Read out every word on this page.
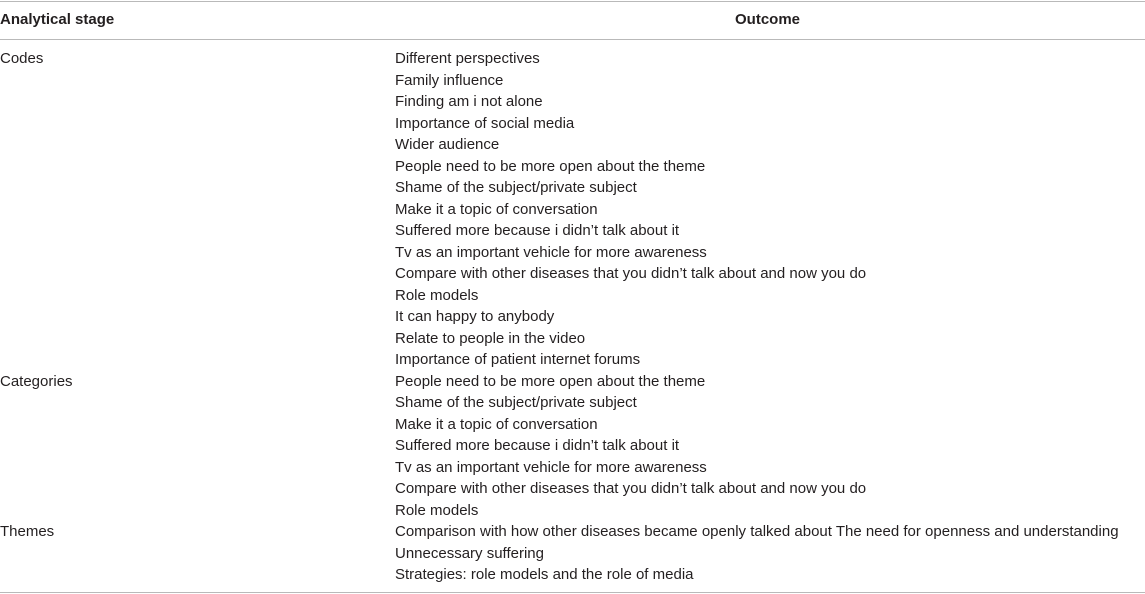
Analytical stage	Outcome
Codes	Different perspectives
Family influence
Finding am i not alone
Importance of social media
Wider audience
People need to be more open about the theme
Shame of the subject/private subject
Make it a topic of conversation
Suffered more because i didn’t talk about it
Tv as an important vehicle for more awareness
Compare with other diseases that you didn’t talk about and now you do
Role models
It can happy to anybody
Relate to people in the video
Importance of patient internet forums
Categories	People need to be more open about the theme
Shame of the subject/private subject
Make it a topic of conversation
Suffered more because i didn’t talk about it
Tv as an important vehicle for more awareness
Compare with other diseases that you didn’t talk about and now you do
Role models
Themes	Comparison with how other diseases became openly talked about The need for openness and understanding
Unnecessary suffering
Strategies: role models and the role of media
